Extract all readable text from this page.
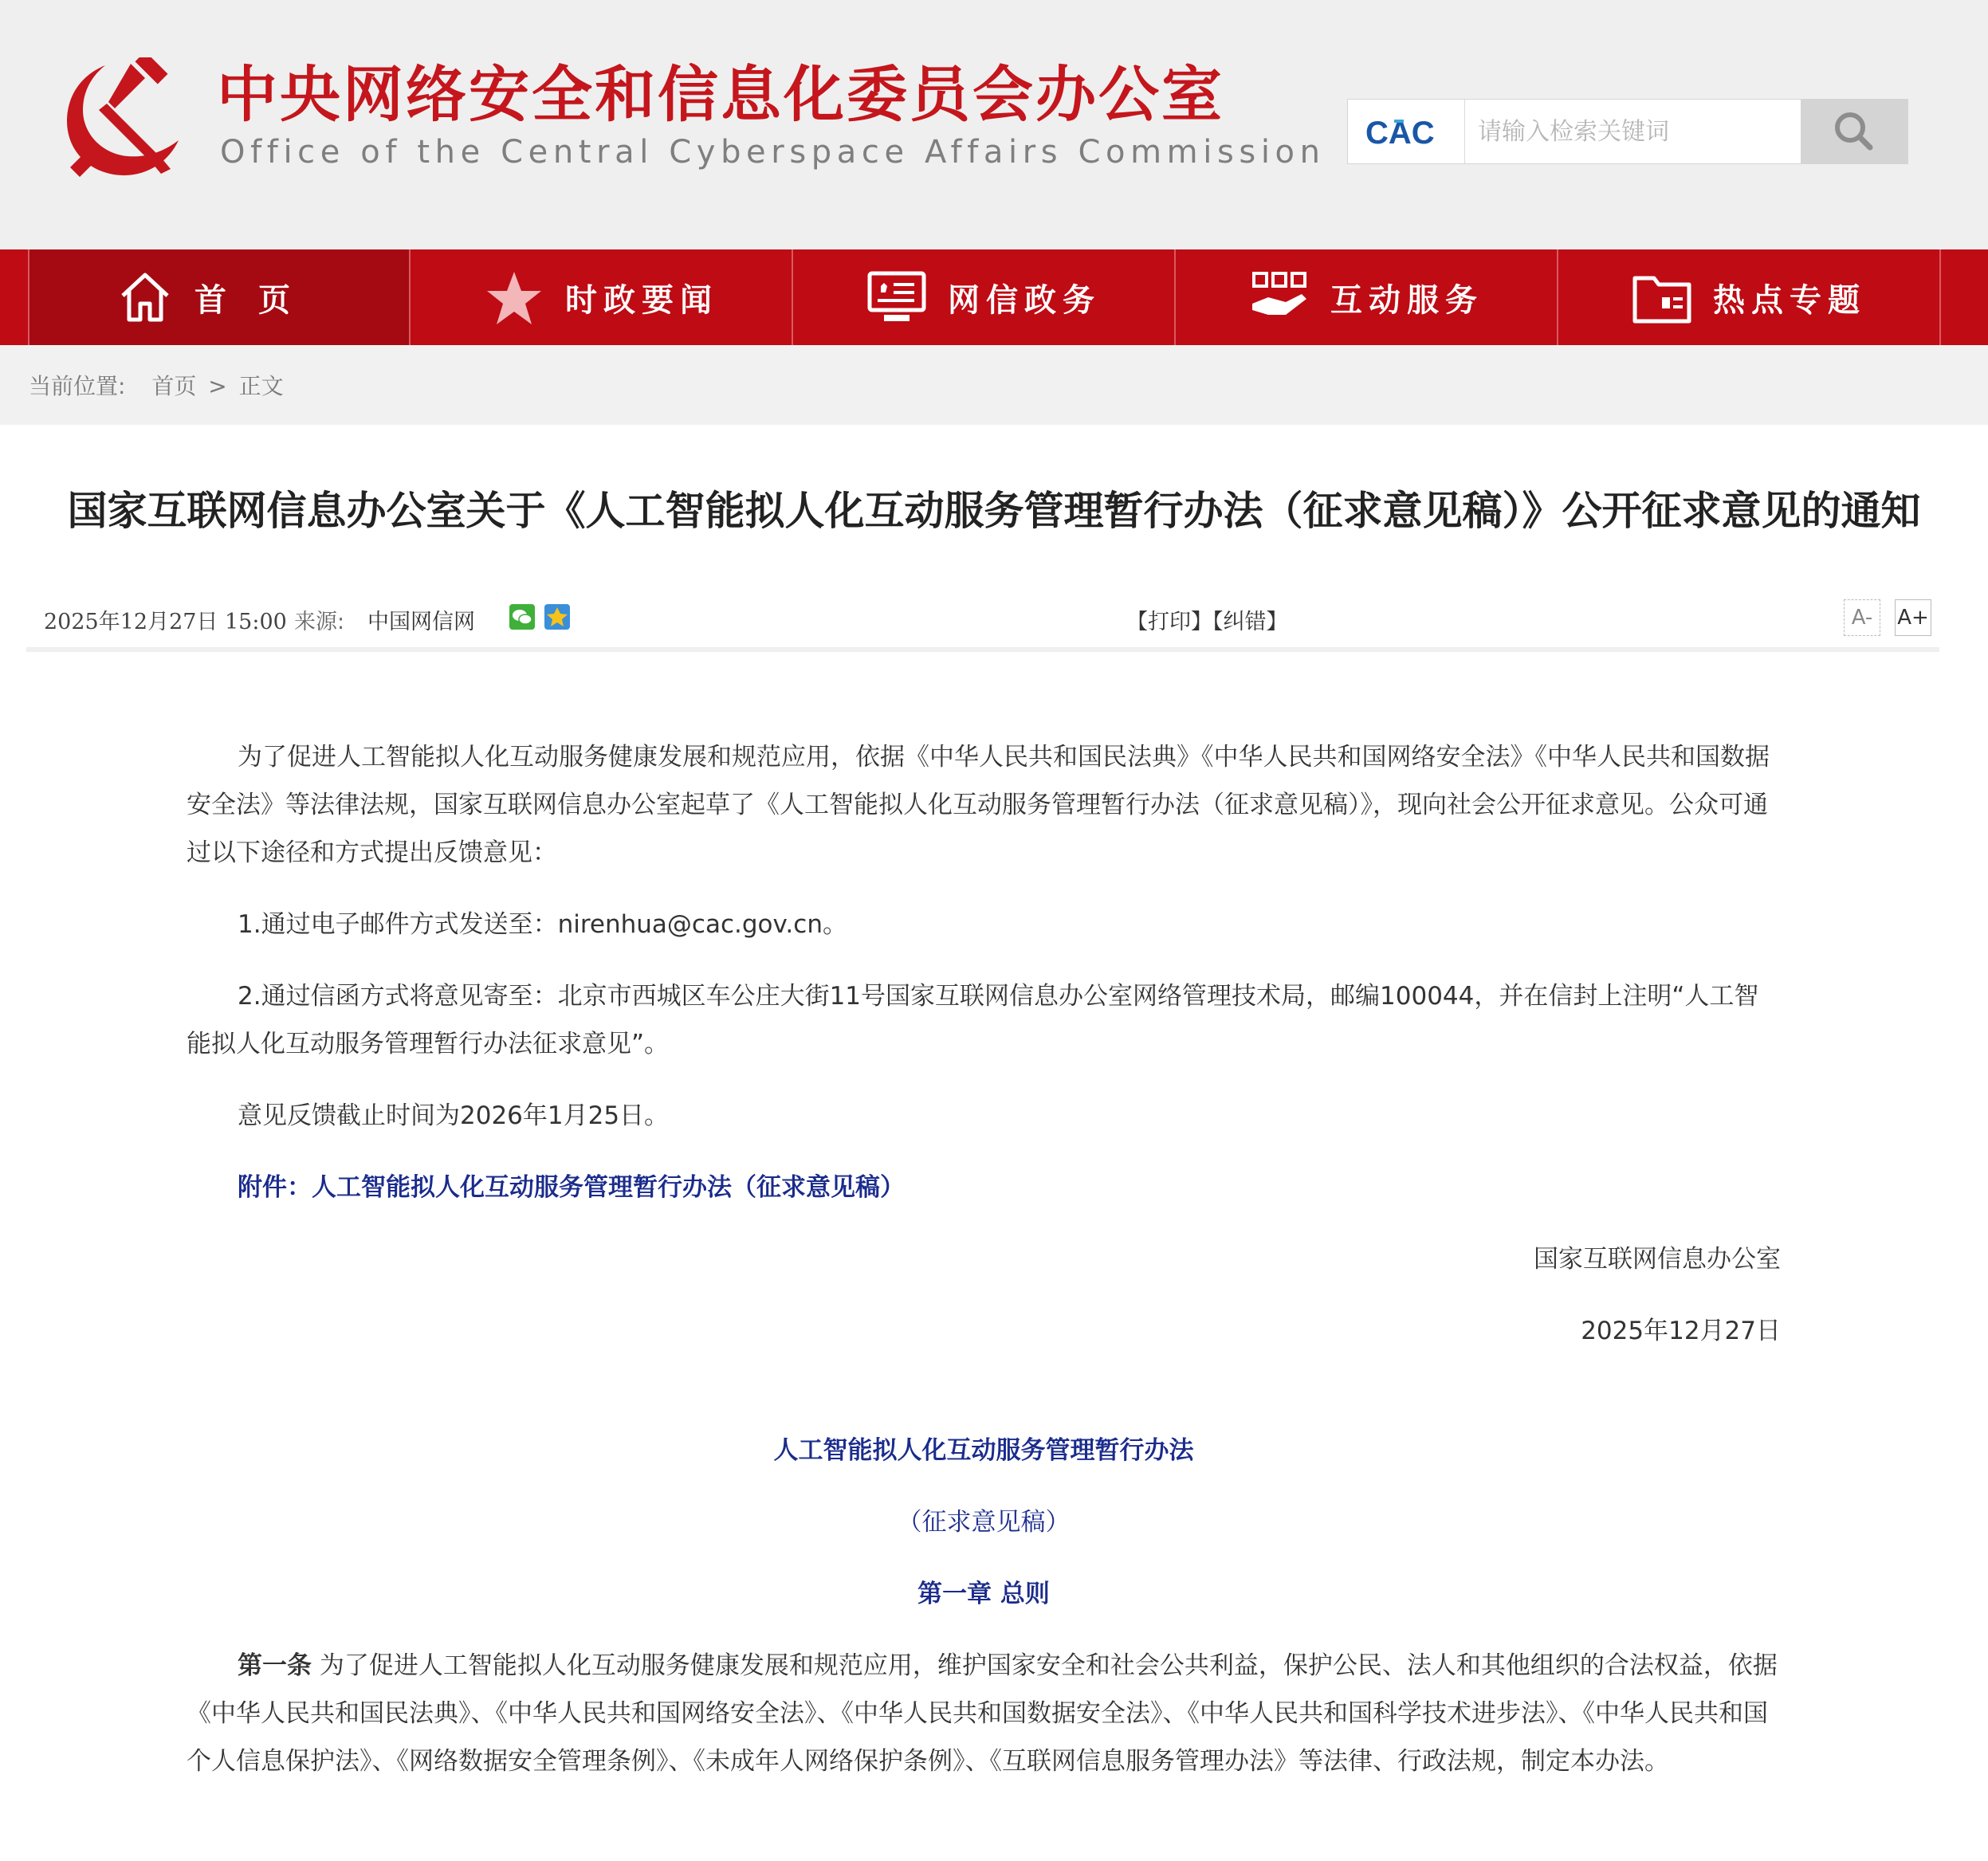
中央网络安全和信息化委员会办公室
Office of the Central Cyberspace Affairs Commission
CAC
请输入检索关键词
首页	时政要闻	网信政务	互动服务	热点专题
当前位置: 首页 > 正文
国家互联网信息办公室关于《人工智能拟人化互动服务管理暂行办法（征求意见稿）》公开征求意见的通知
2025年12月27日 15:00 来源: 中国网信网	【打印】【纠错】	A-	A+

为了促进人工智能拟人化互动服务健康发展和规范应用，依据《中华人民共和国民法典》《中华人民共和国网络安全法》《中华人民共和国数据安全法》等法律法规，国家互联网信息办公室起草了《人工智能拟人化互动服务管理暂行办法（征求意见稿）》，现向社会公开征求意见。公众可通过以下途径和方式提出反馈意见：

1.通过电子邮件方式发送至：nirenhua@cac.gov.cn。

2.通过信函方式将意见寄至：北京市西城区车公庄大街11号国家互联网信息办公室网络管理技术局，邮编100044，并在信封上注明“人工智能拟人化互动服务管理暂行办法征求意见”。

意见反馈截止时间为2026年1月25日。

附件：人工智能拟人化互动服务管理暂行办法（征求意见稿）

国家互联网信息办公室

2025年12月27日

人工智能拟人化互动服务管理暂行办法

（征求意见稿）

第一章 总则

第一条 为了促进人工智能拟人化互动服务健康发展和规范应用，维护国家安全和社会公共利益，保护公民、法人和其他组织的合法权益，依据《中华人民共和国民法典》、《中华人民共和国网络安全法》、《中华人民共和国数据安全法》、《中华人民共和国科学技术进步法》、《中华人民共和国个人信息保护法》、《网络数据安全管理条例》、《未成年人网络保护条例》、《互联网信息服务管理办法》等法律、行政法规，制定本办法。
